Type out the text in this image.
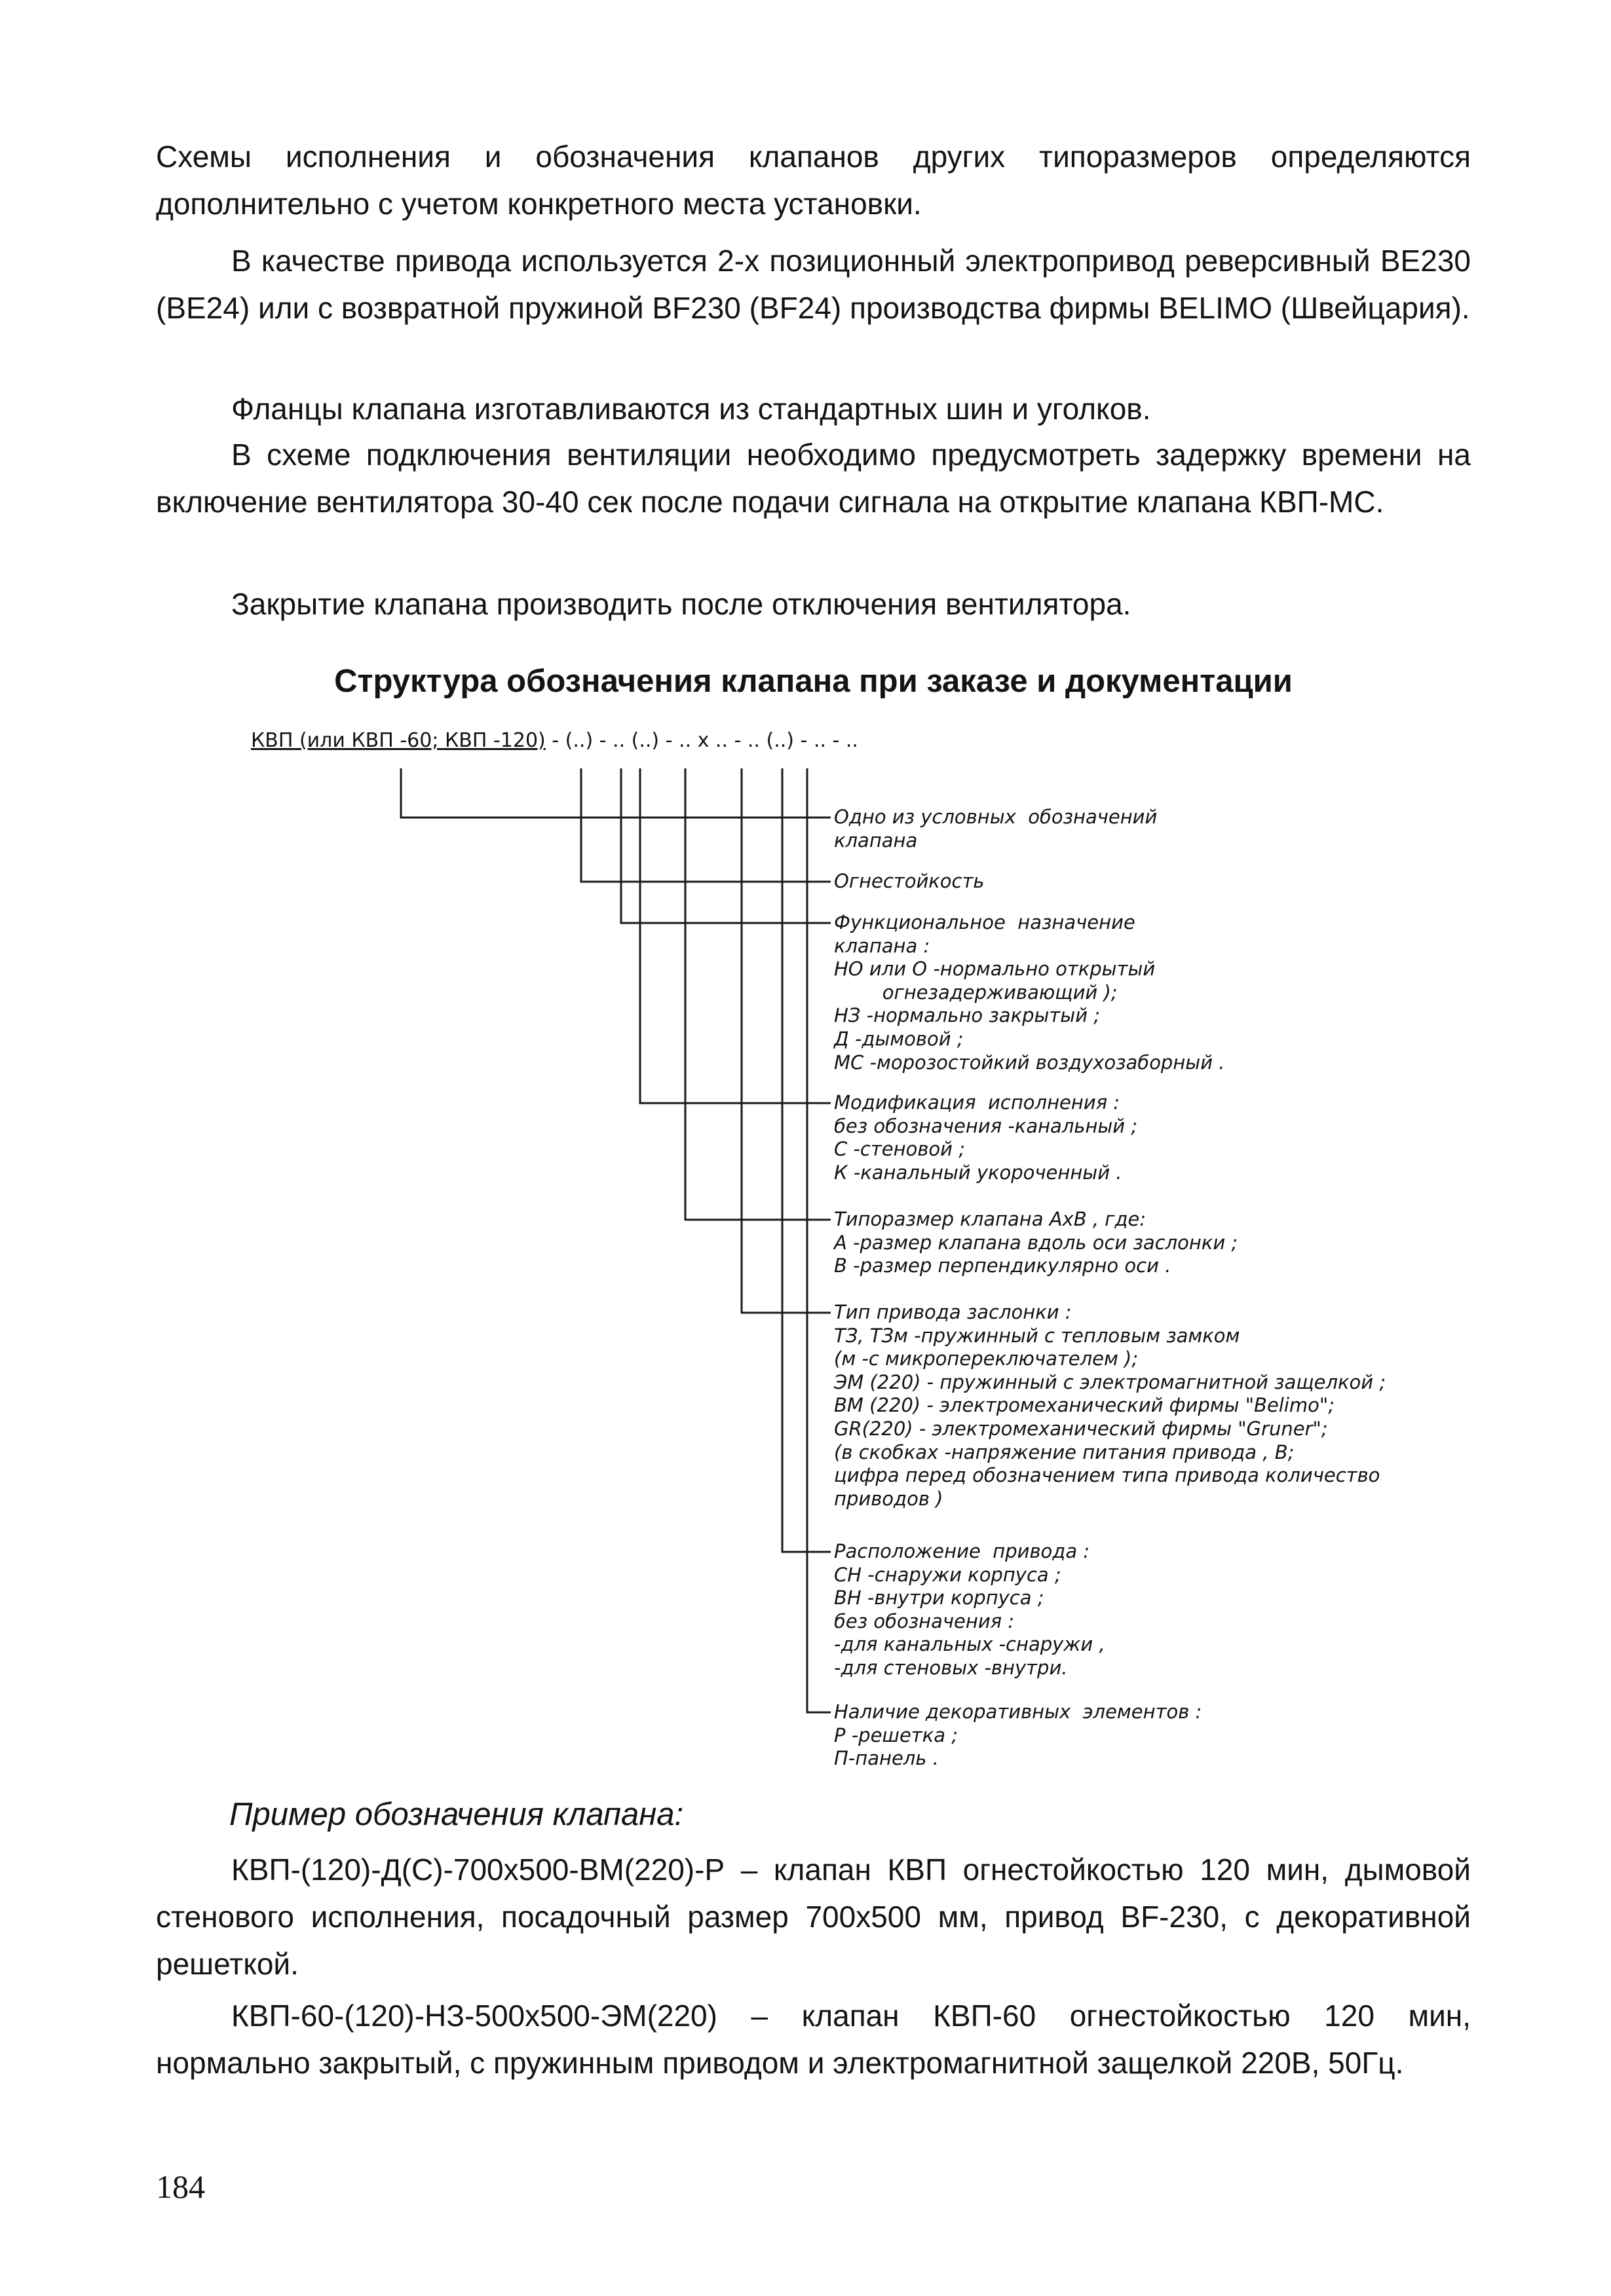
Схемы исполнения и обозначения клапанов других типоразмеров определяются дополнительно с учетом конкретного места установки.

В качестве привода используется 2-х позиционный электропривод реверсивный BE230 (BE24) или с возвратной пружиной BF230 (BF24) производства фирмы BELIMO (Швейцария).

Фланцы клапана изготавливаются из стандартных шин и уголков.

В схеме подключения вентиляции необходимо предусмотреть задержку времени на включение вентилятора 30-40 сек после подачи сигнала на открытие клапана КВП-МС.

Закрытие клапана производить после отключения вентилятора.

Структура обозначения клапана при заказе и документации
КВП (или КВП -60; КВП -120) - (..) - .. (..) - .. x .. - .. (..) - .. - ..
Одно из условных  обозначений
клапана
Огнестойкость
Функциональное  назначение
клапана :
НО или О -нормально открытый
огнезадерживающий );
НЗ -нормально закрытый ;
Д -дымовой ;
МС -морозостойкий воздухозаборный .
Модификация  исполнения :
без обозначения -канальный ;
С -стеновой ;
К -канальный укороченный .
Типоразмер клапана АхВ , где:
А -размер клапана вдоль оси заслонки ;
В -размер перпендикулярно оси .
Тип привода заслонки :
ТЗ, ТЗм -пружинный с тепловым замком
(м -с микропереключателем );
ЭМ (220) - пружинный с электромагнитной защелкой ;
ВМ (220) - электромеханический фирмы "Belimo";
GR(220) - электромеханический фирмы "Gruner";
(в скобках -напряжение питания привода , В;
цифра перед обозначением типа привода количество
приводов )
Расположение  привода :
СН -снаружи корпуса ;
ВН -внутри корпуса ;
без обозначения :
-для канальных -снаружи ,
-для стеновых -внутри.
Наличие декоративных  элементов :
Р -решетка ;
П-панель .
Пример обозначения клапана:

КВП-(120)-Д(С)-700х500-ВМ(220)-Р – клапан КВП огнестойкостью 120 мин, дымовой стенового исполнения, посадочный размер 700х500 мм, привод BF-230, с декоративной решеткой.

КВП-60-(120)-НЗ-500х500-ЭМ(220) – клапан КВП-60 огнестойкостью 120 мин, нормально закрытый, с пружинным приводом и электромагнитной защелкой 220В, 50Гц.

184
